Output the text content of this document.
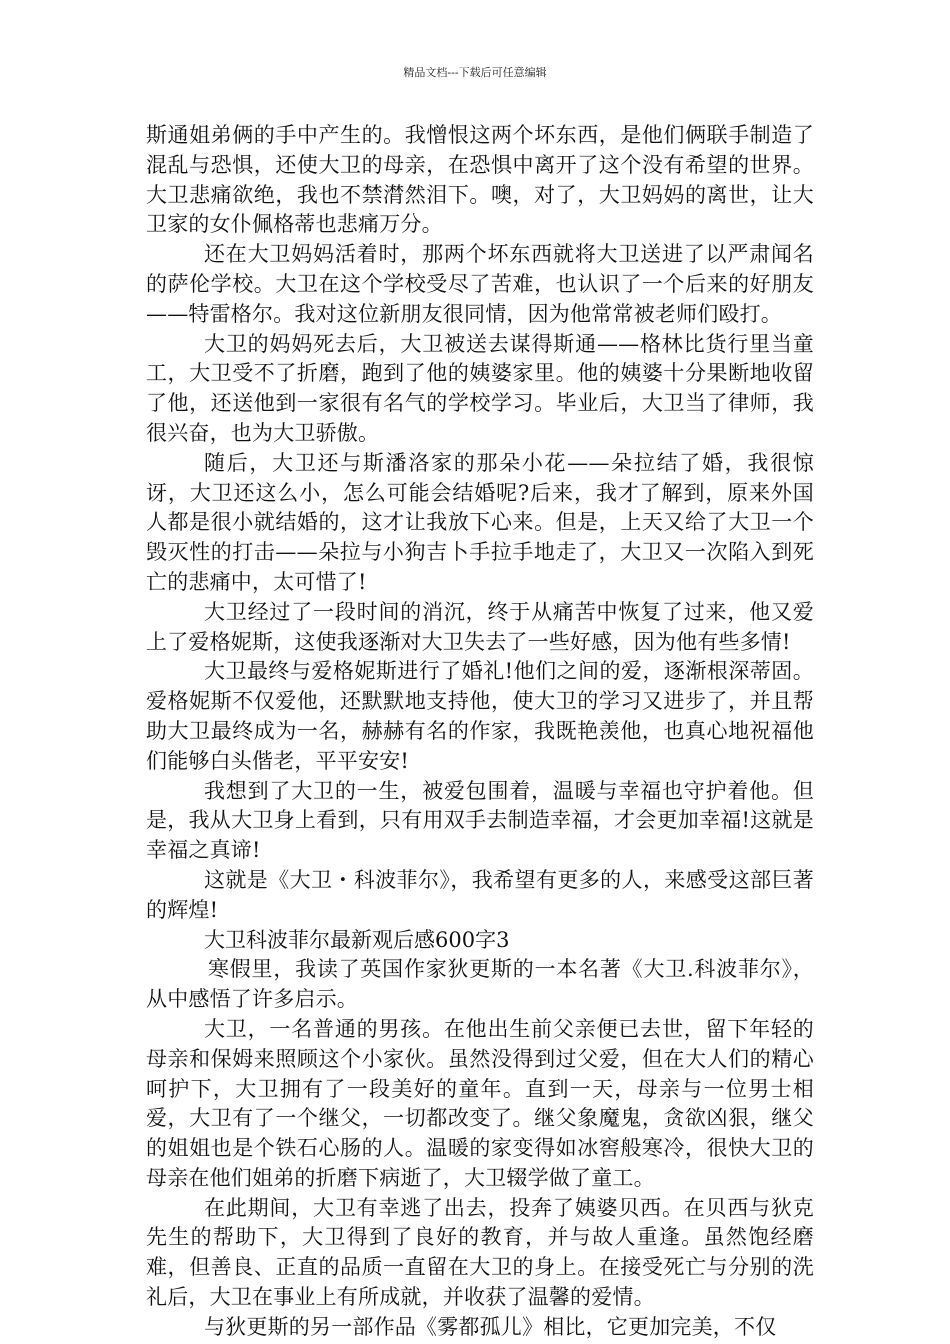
精品文档---下载后可任意编辑

斯通姐弟俩的手中产生的。我憎恨这两个坏东西，是他们俩联手制造了混乱与恐惧，还使大卫的母亲，在恐惧中离开了这个没有希望的世界。大卫悲痛欲绝，我也不禁潸然泪下。噢，对了，大卫妈妈的离世，让大卫家的女仆佩格蒂也悲痛万分。

还在大卫妈妈活着时，那两个坏东西就将大卫送进了以严肃闻名的萨伦学校。大卫在这个学校受尽了苦难，也认识了一个后来的好朋友——特雷格尔。我对这位新朋友很同情，因为他常常被老师们殴打。

大卫的妈妈死去后，大卫被送去谋得斯通——格林比货行里当童工，大卫受不了折磨，跑到了他的姨婆家里。他的姨婆十分果断地收留了他，还送他到一家很有名气的学校学习。毕业后，大卫当了律师，我很兴奋，也为大卫骄傲。

随后，大卫还与斯潘洛家的那朵小花——朵拉结了婚，我很惊讶，大卫还这么小，怎么可能会结婚呢?后来，我才了解到，原来外国人都是很小就结婚的，这才让我放下心来。但是，上天又给了大卫一个毁灭性的打击——朵拉与小狗吉卜手拉手地走了，大卫又一次陷入到死亡的悲痛中，太可惜了!

大卫经过了一段时间的消沉，终于从痛苦中恢复了过来，他又爱上了爱格妮斯，这使我逐渐对大卫失去了一些好感，因为他有些多情!

大卫最终与爱格妮斯进行了婚礼!他们之间的爱，逐渐根深蒂固。爱格妮斯不仅爱他，还默默地支持他，使大卫的学习又进步了，并且帮助大卫最终成为一名，赫赫有名的作家，我既艳羡他，也真心地祝福他们能够白头偕老，平平安安!

我想到了大卫的一生，被爱包围着，温暖与幸福也守护着他。但是，我从大卫身上看到，只有用双手去制造幸福，才会更加幸福!这就是幸福之真谛!

这就是《大卫・科波菲尔》，我希望有更多的人，来感受这部巨著的辉煌!

大卫科波菲尔最新观后感600字3

寒假里，我读了英国作家狄更斯的一本名著《大卫.科波菲尔》，从中感悟了许多启示。

大卫，一名普通的男孩。在他出生前父亲便已去世，留下年轻的母亲和保姆来照顾这个小家伙。虽然没得到过父爱，但在大人们的精心呵护下，大卫拥有了一段美好的童年。直到一天，母亲与一位男士相爱，大卫有了一个继父，一切都改变了。继父象魔鬼，贪欲凶狠，继父的姐姐也是个铁石心肠的人。温暖的家变得如冰窖般寒冷，很快大卫的母亲在他们姐弟的折磨下病逝了，大卫辍学做了童工。

在此期间，大卫有幸逃了出去，投奔了姨婆贝西。在贝西与狄克先生的帮助下，大卫得到了良好的教育，并与故人重逢。虽然饱经磨难，但善良、正直的品质一直留在大卫的身上。在接受死亡与分别的洗礼后，大卫在事业上有所成就，并收获了温馨的爱情。

与狄更斯的另一部作品《雾都孤儿》相比，它更加完美，不仅
